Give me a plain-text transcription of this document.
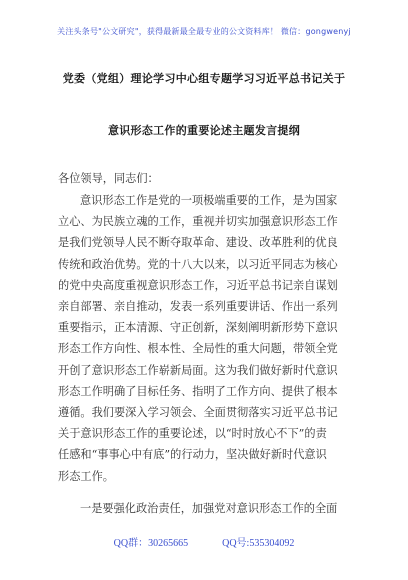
关注头条号"公文研究"，获得最新最全最专业的公文资料库！ 微信：gongwenyj
党委（党组）理论学习中心组专题学习习近平总书记关于
意识形态工作的重要论述主题发言提纲
各位领导，同志们：
意识形态工作是党的一项极端重要的工作，是为国家
立心、为民族立魂的工作，重视并切实加强意识形态工作
是我们党领导人民不断夺取革命、建设、改革胜利的优良
传统和政治优势。党的十八大以来，以习近平同志为核心
的党中央高度重视意识形态工作，习近平总书记亲自谋划
亲自部署、亲自推动，发表一系列重要讲话、作出一系列
重要指示，正本清源、守正创新，深刻阐明新形势下意识
形态工作方向性、根本性、全局性的重大问题，带领全党
开创了意识形态工作崭新局面。这为我们做好新时代意识
形态工作明确了目标任务、指明了工作方向、提供了根本
遵循。我们要深入学习领会、全面贯彻落实习近平总书记
关于意识形态工作的重要论述，以“时时放心不下”的责
任感和“事事心中有底”的行动力，坚决做好新时代意识
形态工作。
一是要强化政治责任，加强党对意识形态工作的全面
QQ群：30265665	QQ号:535304092
